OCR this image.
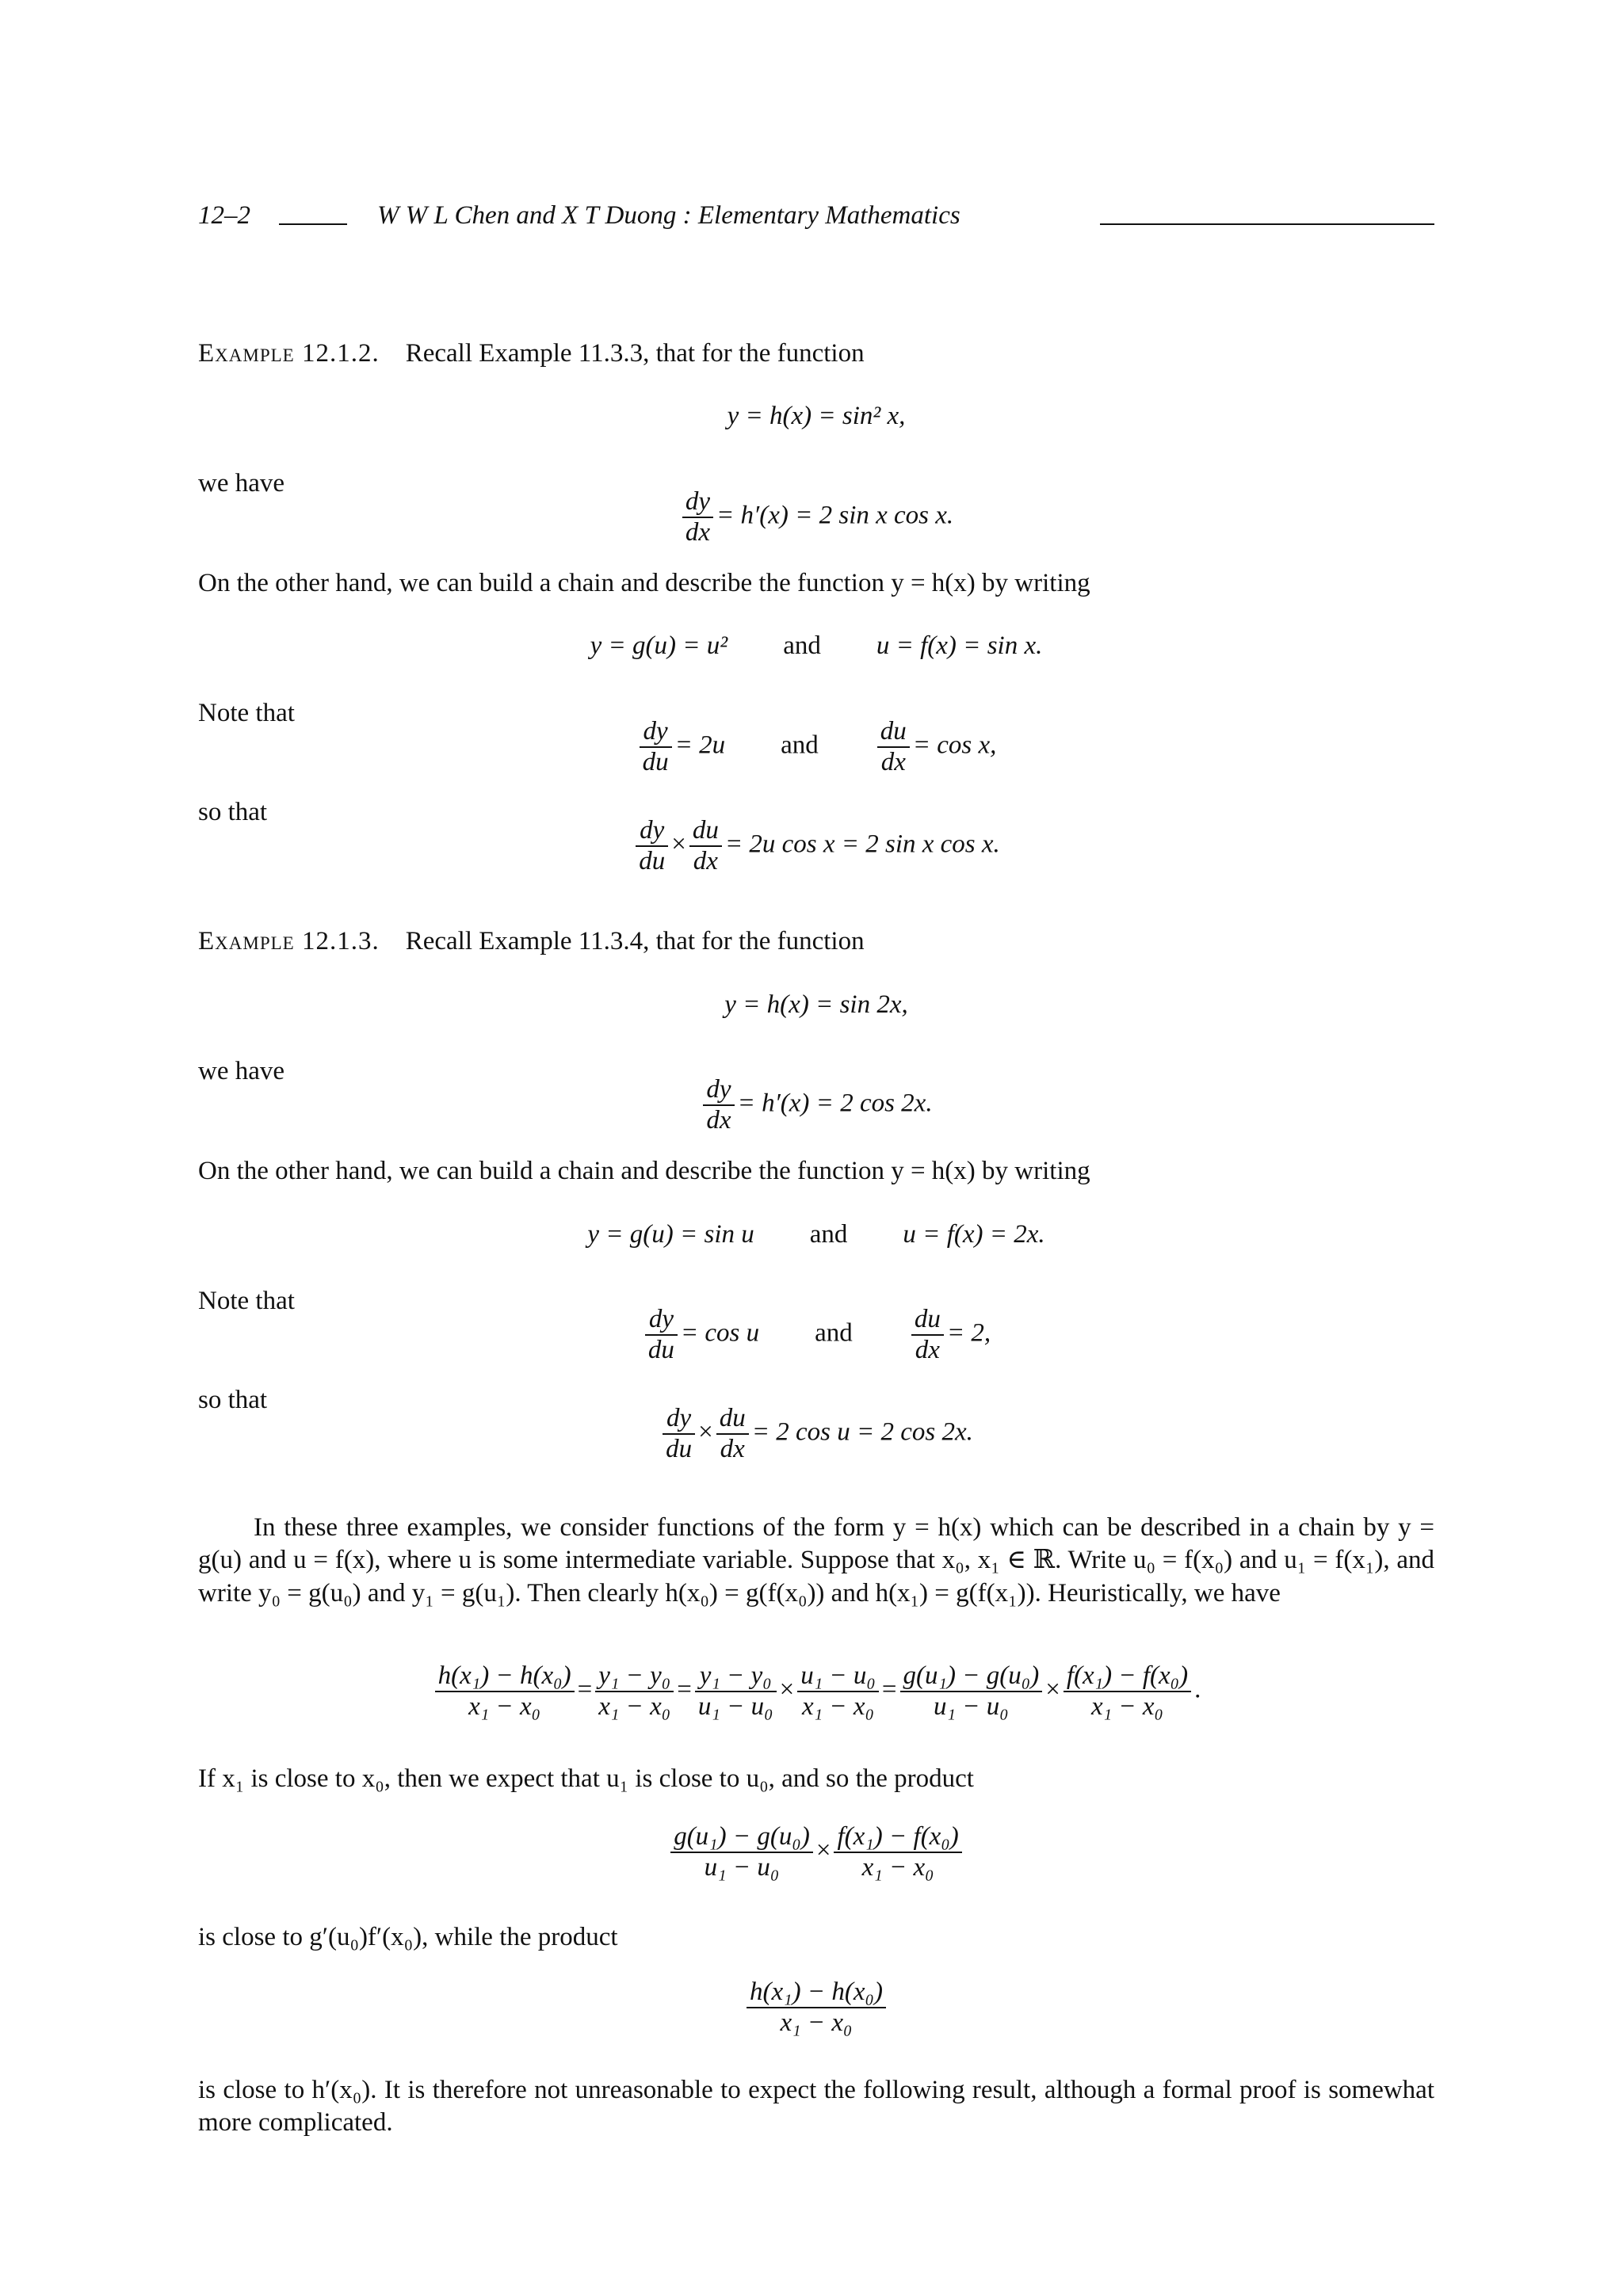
12–2	W W L Chen and X T Duong : Elementary Mathematics
Example 12.1.2. Recall Example 11.3.3, that for the function
y = h(x) = sin² x,
we have
$\frac{dy}{dx} = h'(x) = 2$ sin x cos x.
On the other hand, we can build a chain and describe the function y = h(x) by writing
y = g(u) = u² and u = f(x) = sin x.
Note that
$\frac{dy}{du} = 2u$ and $\frac{du}{dx} = \cos x$,
so that
$\frac{dy}{du} \times \frac{du}{dx} = 2u$ cos x = 2 sin x cos x.
Example 12.1.3. Recall Example 11.3.4, that for the function
y = h(x) = sin 2x,
we have
$\frac{dy}{dx} = h'(x) = 2$ cos 2x.
On the other hand, we can build a chain and describe the function y = h(x) by writing
y = g(u) = sin u and u = f(x) = 2x.
Note that
$\frac{dy}{du} = \cos u$ and $\frac{du}{dx} = 2$,
so that
$\frac{dy}{du} \times \frac{du}{dx} = 2$ cos u = 2 cos 2x.
In these three examples, we consider functions of the form y = h(x) which can be described in a chain by y = g(u) and u = f(x), where u is some intermediate variable. Suppose that x₀, x₁ ∈ ℝ. Write u₀ = f(x₀) and u₁ = f(x₁), and write y₀ = g(u₀) and y₁ = g(u₁). Then clearly h(x₀) = g(f(x₀)) and h(x₁) = g(f(x₁)). Heuristically, we have
$\frac{\text{h(x₁) − h(x₀)}}{\text{x₁ − x₀}} = \frac{\text{y₁ − y₀}}{\text{x₁ − x₀}} = \frac{\text{y₁ − y₀}}{\text{u₁ − u₀}} \times \frac{\text{u₁ − u₀}}{\text{x₁ − x₀}} = \frac{\text{g(u₁) − g(u₀)}}{\text{u₁ − u₀}} \times \frac{\text{f(x₁) − f(x₀)}}{\text{x₁ − x₀}}$ .
If x₁ is close to x₀, then we expect that u₁ is close to u₀, and so the product
$\frac{\text{g(u₁) − g(u₀)}}{\text{u₁ − u₀}} \times \frac{\text{f(x₁) − f(x₀)}}{\text{x₁ − x₀}}$
is close to g′(u₀)f′(x₀), while the product
$\frac{\text{h(x₁) − h(x₀)}}{\text{x₁ − x₀}}$
is close to h′(x₀). It is therefore not unreasonable to expect the following result, although a formal proof is somewhat more complicated.
